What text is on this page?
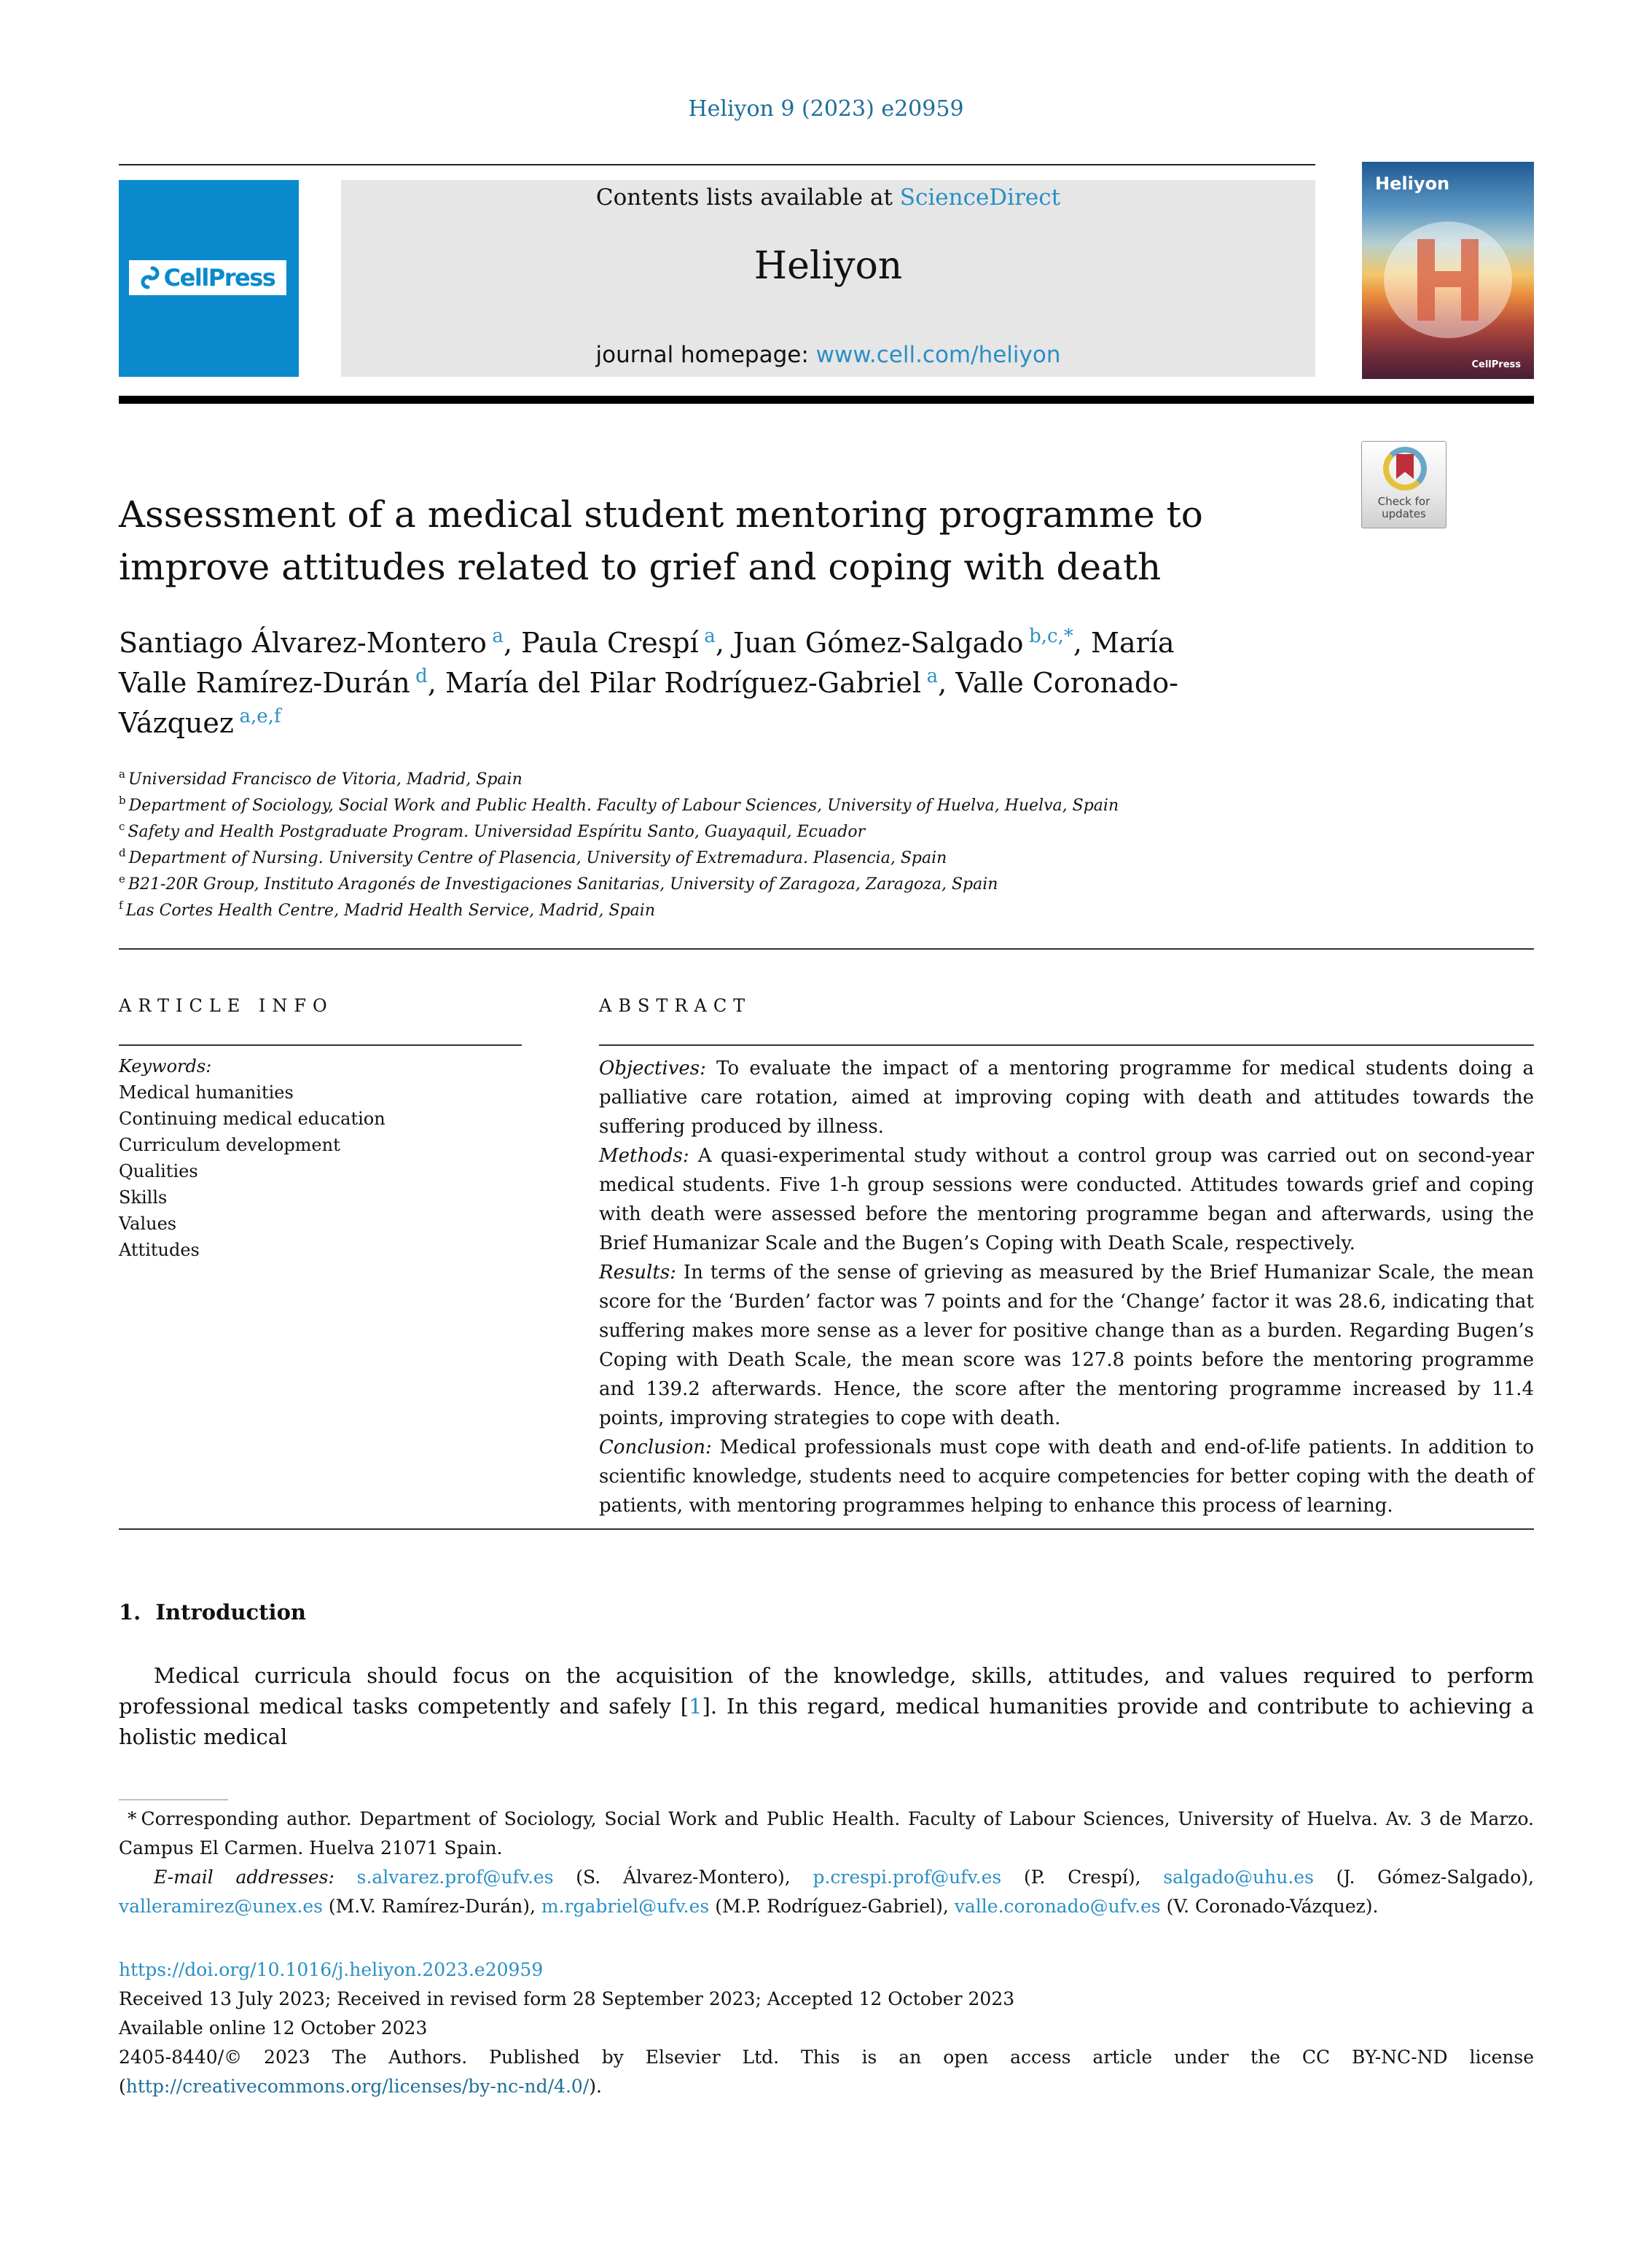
Heliyon 9 (2023) e20959
CellPress
Contents lists available at ScienceDirect
Heliyon
journal homepage: www.cell.com/heliyon
Heliyon
CellPress
Check for updates
Assessment of a medical student mentoring programme to
improve attitudes related to grief and coping with death
Santiago Álvarez-Montero  $^a$, Paula Crespí  $^a$, Juan Gómez-Salgado  $^{b,c,*}$, María Valle Ramírez-Durán  $^d$, María del Pilar Rodríguez-Gabriel  $^a$, Valle Coronado-Vázquez  $^{a,e,f}$
$^a$ Universidad Francisco de Vitoria, Madrid, Spain
$^b$ Department of Sociology, Social Work and Public Health. Faculty of Labour Sciences, University of Huelva, Huelva, Spain
$^c$ Safety and Health Postgraduate Program. Universidad Espíritu Santo, Guayaquil, Ecuador
$^d$ Department of Nursing. University Centre of Plasencia, University of Extremadura. Plasencia, Spain
$^e$ B21-20R Group, Instituto Aragonés de Investigaciones Sanitarias, University of Zaragoza, Zaragoza, Spain
$^f$ Las Cortes Health Centre, Madrid Health Service, Madrid, Spain
ARTICLE INFO	ABSTRACT
Keywords:
Medical humanities
Continuing medical education
Curriculum development
Qualities
Skills
Values
Attitudes

Objectives: To evaluate the impact of a mentoring programme for medical students doing a palliative care rotation, aimed at improving coping with death and attitudes towards the suffering produced by illness.

Methods: A quasi-experimental study without a control group was carried out on second-year medical students. Five 1-h group sessions were conducted. Attitudes towards grief and coping with death were assessed before the mentoring programme began and afterwards, using the Brief Humanizar Scale and the Bugen’s Coping with Death Scale, respectively.

Results: In terms of the sense of grieving as measured by the Brief Humanizar Scale, the mean score for the ‘Burden’ factor was 7 points and for the ‘Change’ factor it was 28.6, indicating that suffering makes more sense as a lever for positive change than as a burden. Regarding Bugen’s Coping with Death Scale, the mean score was 127.8 points before the mentoring programme and 139.2 afterwards. Hence, the score after the mentoring programme increased by 11.4 points, improving strategies to cope with death.

Conclusion: Medical professionals must cope with death and end-of-life patients. In addition to scientific knowledge, students need to acquire competencies for better coping with the death of patients, with mentoring programmes helping to enhance this process of learning.

1.  Introduction
Medical curricula should focus on the acquisition of the knowledge, skills, attitudes, and values required to perform professional medical tasks competently and safely [1]. In this regard, medical humanities provide and contribute to achieving a holistic medical
* Corresponding author. Department of Sociology, Social Work and Public Health. Faculty of Labour Sciences, University of Huelva. Av. 3 de Marzo. Campus El Carmen. Huelva 21071 Spain.
E-mail addresses: s.alvarez.prof@ufv.es (S. Álvarez-Montero), p.crespi.prof@ufv.es (P. Crespí), salgado@uhu.es (J. Gómez-Salgado), valleramirez@unex.es (M.V. Ramírez-Durán), m.rgabriel@ufv.es (M.P. Rodríguez-Gabriel), valle.coronado@ufv.es (V. Coronado-Vázquez).
https://doi.org/10.1016/j.heliyon.2023.e20959
Received 13 July 2023; Received in revised form 28 September 2023; Accepted 12 October 2023
Available online 12 October 2023
2405-8440/© 2023 The Authors. Published by Elsevier Ltd. This is an open access article under the CC BY-NC-ND license
(http://creativecommons.org/licenses/by-nc-nd/4.0/).
